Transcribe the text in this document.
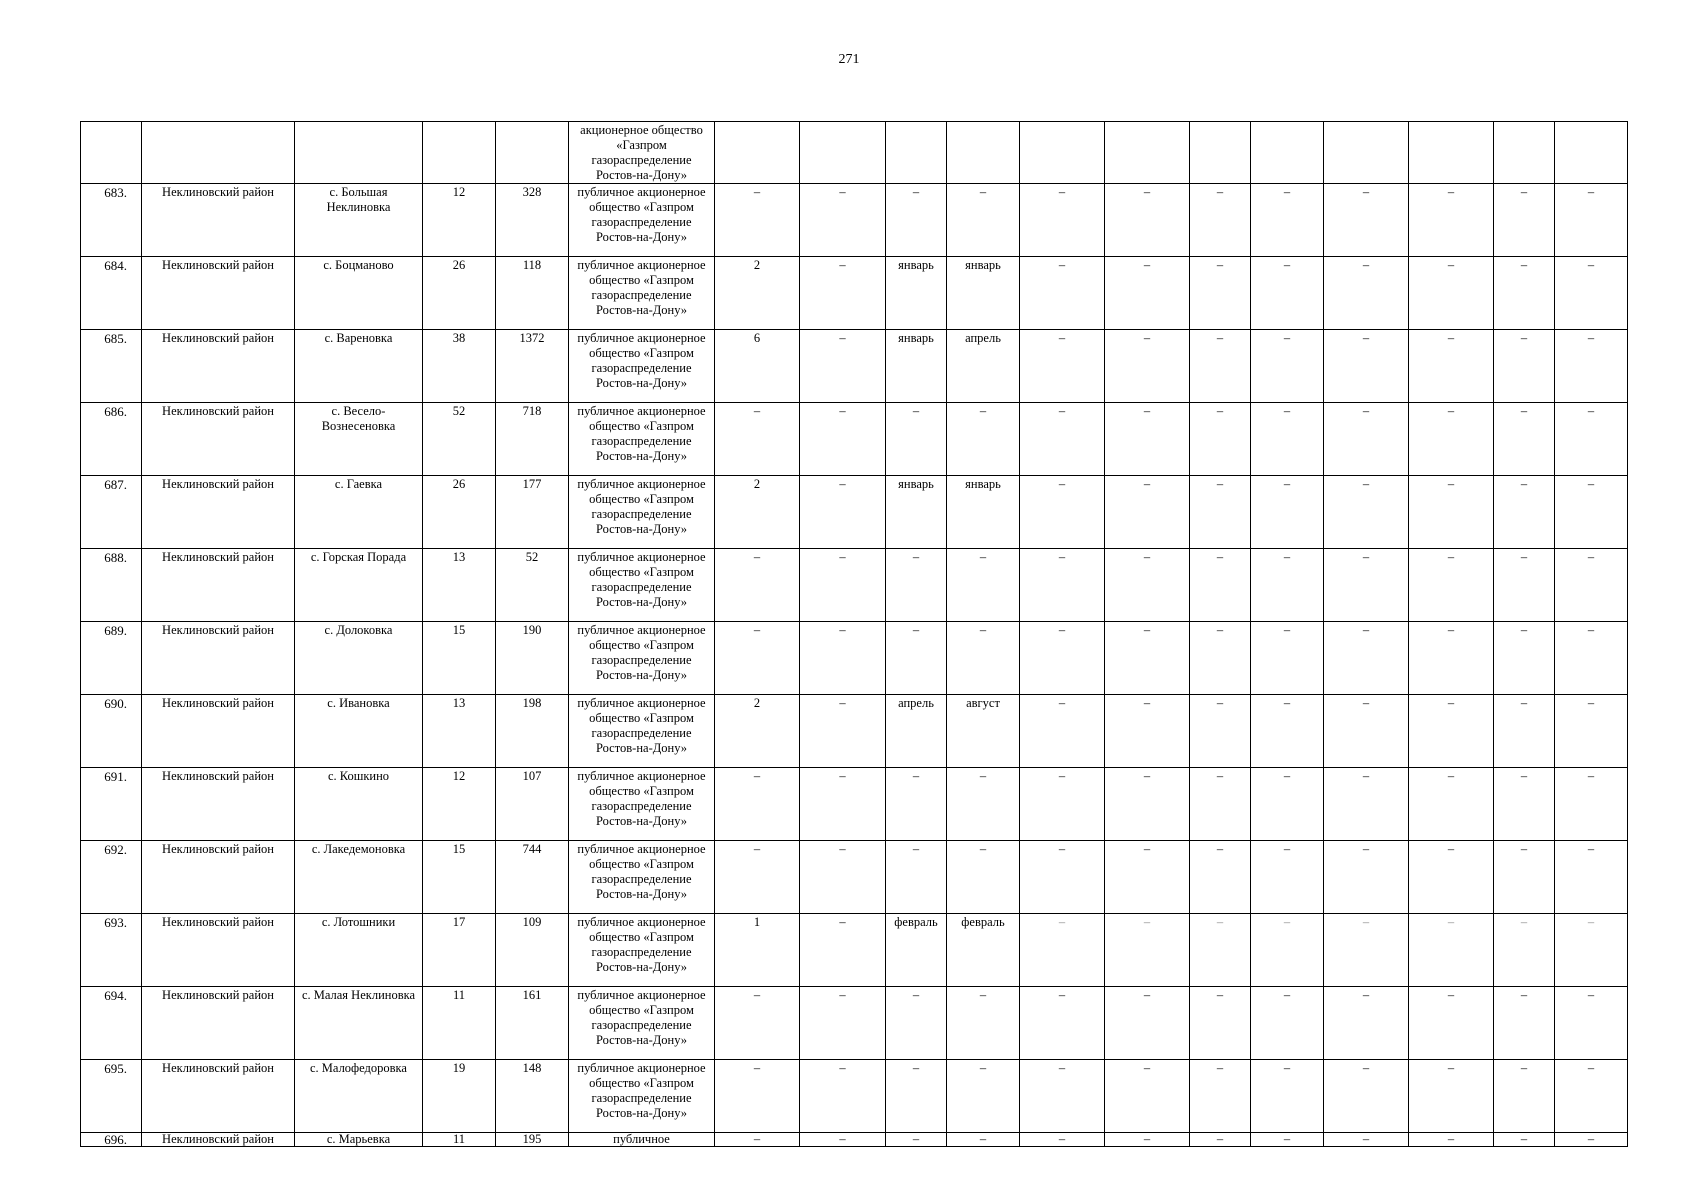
271
					акционерное общество «Газпром газораспределение Ростов-на-Дону»												
683.	Неклиновский район	с. Большая Неклиновка	12	328	публичное акционерное общество «Газпром газораспределение Ростов-на-Дону»	–	–	–	–	–	–	–	–	–	–	–	–
684.	Неклиновский район	с. Боцманово	26	118	публичное акционерное общество «Газпром газораспределение Ростов-на-Дону»	2	–	январь	январь	–	–	–	–	–	–	–	–
685.	Неклиновский район	с. Вареновка	38	1372	публичное акционерное общество «Газпром газораспределение Ростов-на-Дону»	6	–	январь	апрель	–	–	–	–	–	–	–	–
686.	Неклиновский район	с. Весело-Вознесеновка	52	718	публичное акционерное общество «Газпром газораспределение Ростов-на-Дону»	–	–	–	–	–	–	–	–	–	–	–	–
687.	Неклиновский район	с. Гаевка	26	177	публичное акционерное общество «Газпром газораспределение Ростов-на-Дону»	2	–	январь	январь	–	–	–	–	–	–	–	–
688.	Неклиновский район	с. Горская Порада	13	52	публичное акционерное общество «Газпром газораспределение Ростов-на-Дону»	–	–	–	–	–	–	–	–	–	–	–	–
689.	Неклиновский район	с. Долоковка	15	190	публичное акционерное общество «Газпром газораспределение Ростов-на-Дону»	–	–	–	–	–	–	–	–	–	–	–	–
690.	Неклиновский район	с. Ивановка	13	198	публичное акционерное общество «Газпром газораспределение Ростов-на-Дону»	2	–	апрель	август	–	–	–	–	–	–	–	–
691.	Неклиновский район	с. Кошкино	12	107	публичное акционерное общество «Газпром газораспределение Ростов-на-Дону»	–	–	–	–	–	–	–	–	–	–	–	–
692.	Неклиновский район	с. Лакедемоновка	15	744	публичное акционерное общество «Газпром газораспределение Ростов-на-Дону»	–	–	–	–	–	–	–	–	–	–	–	–
693.	Неклиновский район	с. Лотошники	17	109	публичное акционерное общество «Газпром газораспределение Ростов-на-Дону»	1	–	февраль	февраль	–	–	–	–	–	–	–	–
694.	Неклиновский район	с. Малая Неклиновка	11	161	публичное акционерное общество «Газпром газораспределение Ростов-на-Дону»	–	–	–	–	–	–	–	–	–	–	–	–
695.	Неклиновский район	с. Малофедоровка	19	148	публичное акционерное общество «Газпром газораспределение Ростов-на-Дону»	–	–	–	–	–	–	–	–	–	–	–	–
696.	Неклиновский район	с. Марьевка	11	195	публичное	–	–	–	–	–	–	–	–	–	–	–	–
